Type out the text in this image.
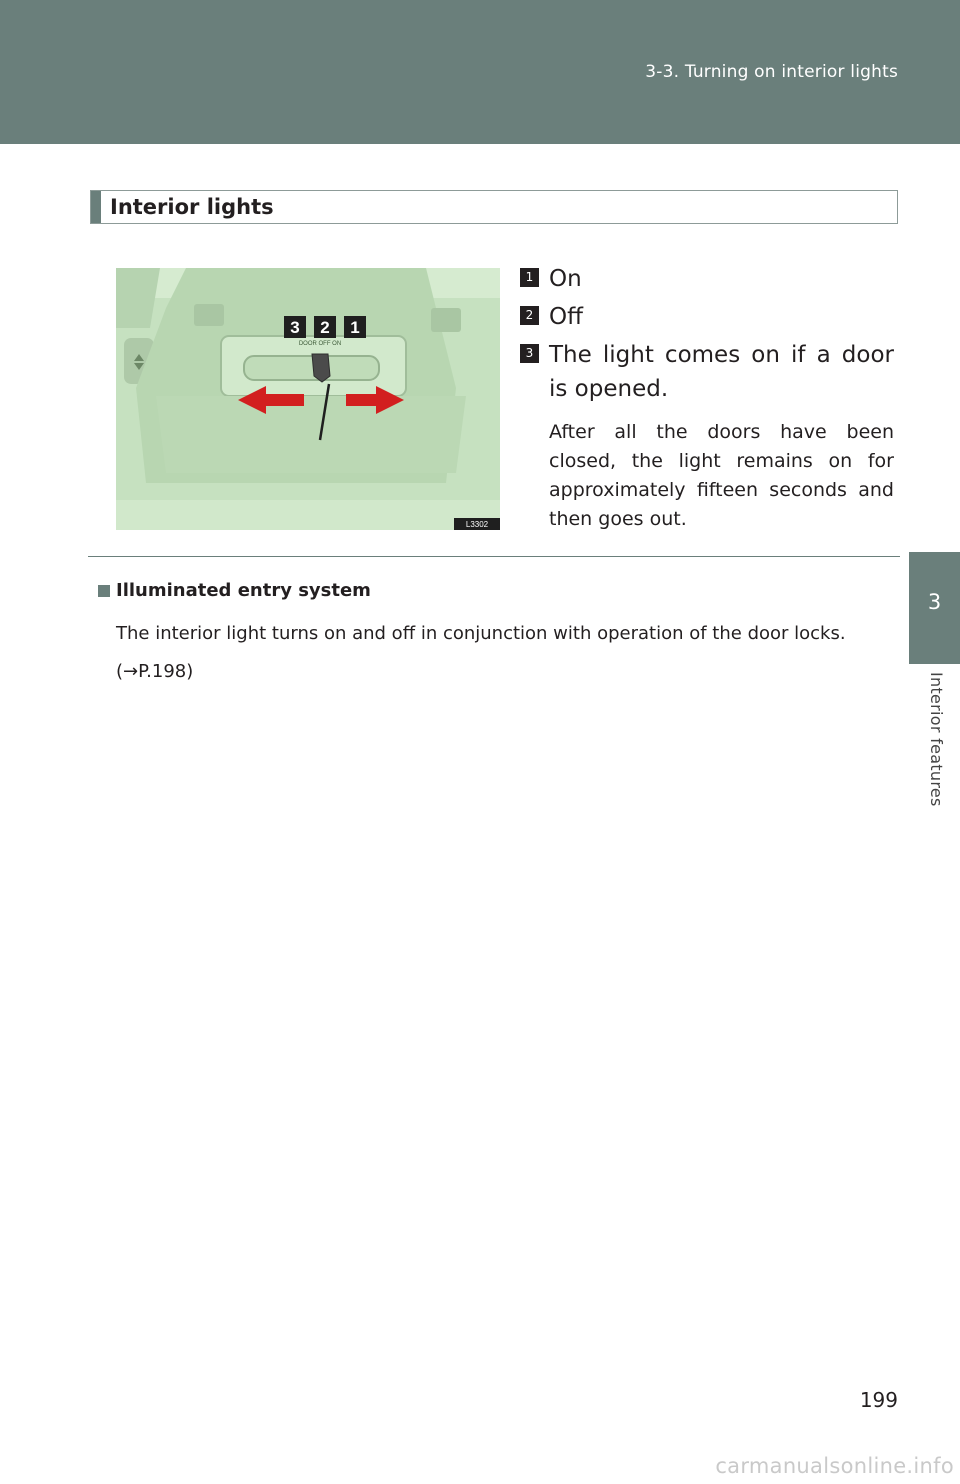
3-3. Turning on interior lights
3
Interior features
Interior lights
3 2 1
DOOR OFF ON
L3302
1 On
2 Off
3 The light comes on if a door is opened.
After all the doors have been closed, the light remains on for approximately fifteen seconds and then goes out.
Illuminated entry system
The interior light turns on and off in conjunction with operation of the door locks.
(→P.198)
199
carmanualsonline.info
